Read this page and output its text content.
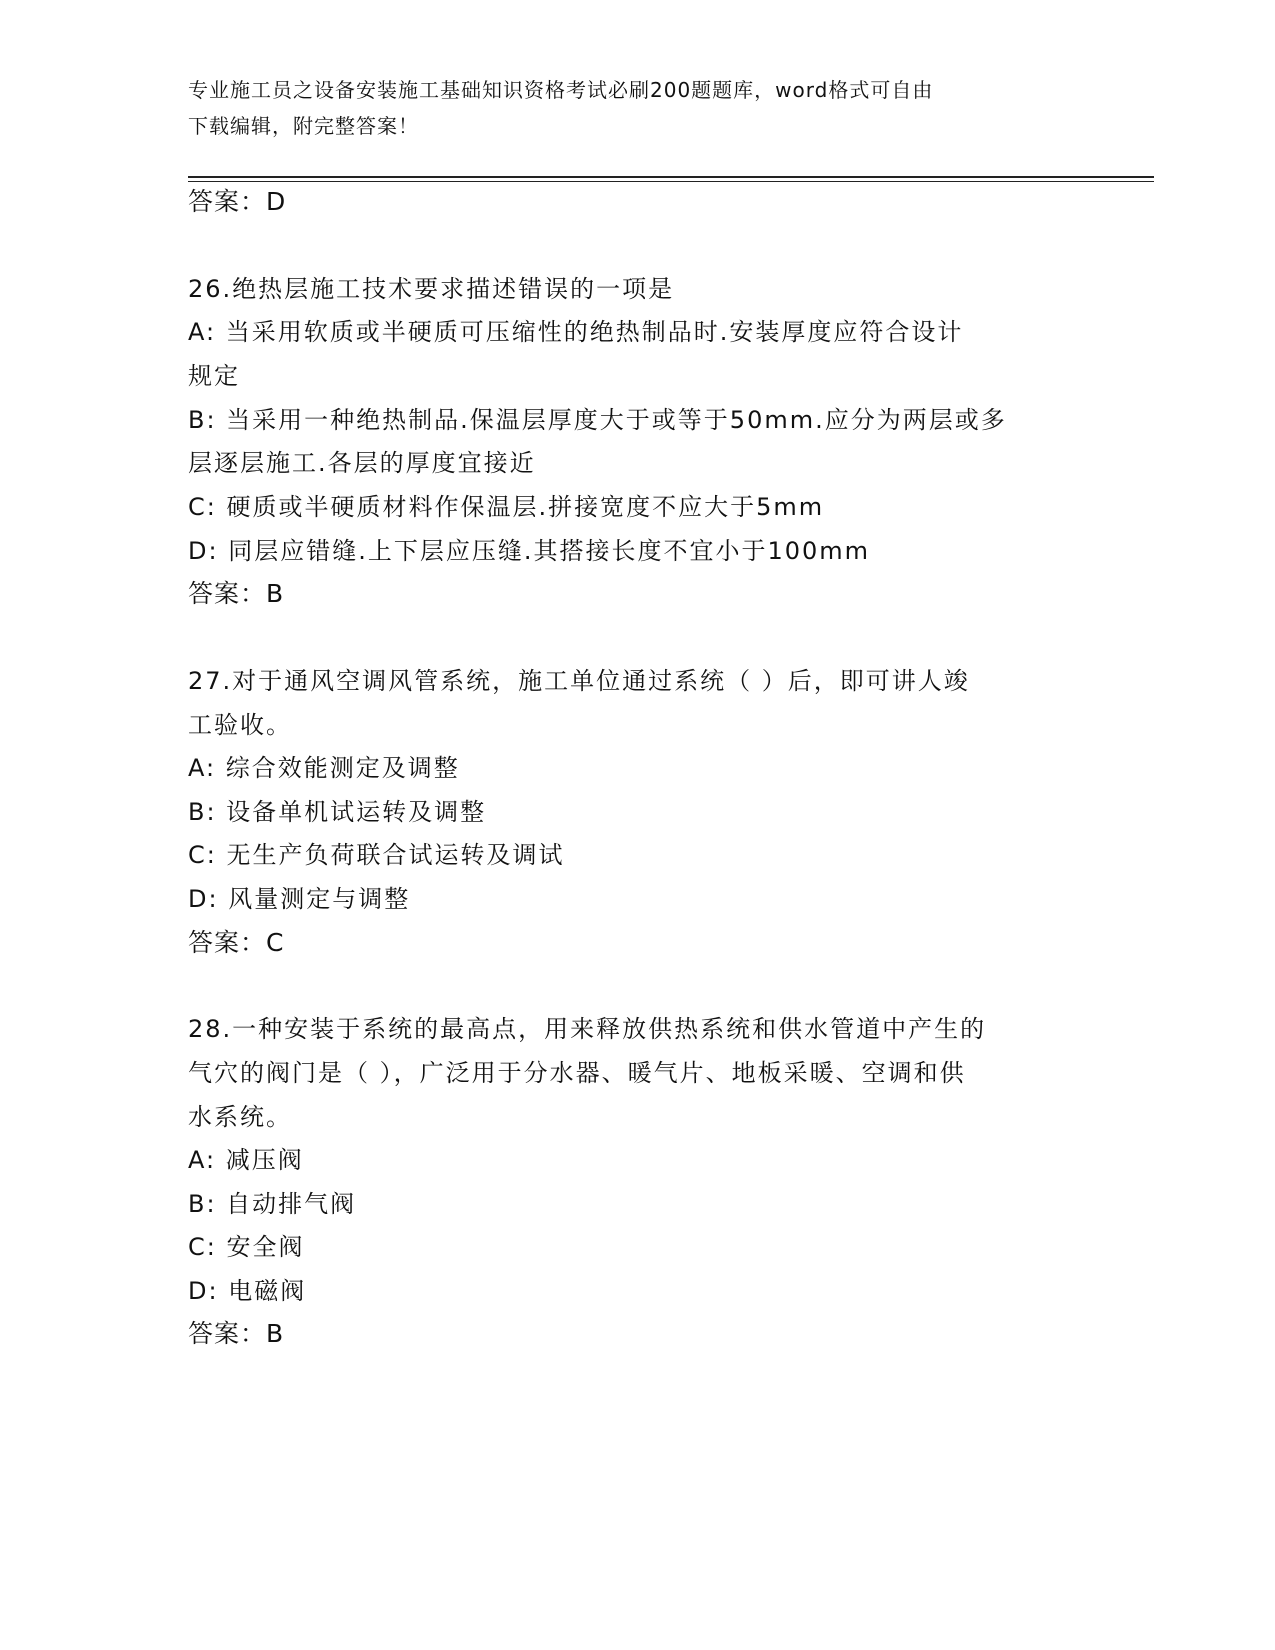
专业施工员之设备安装施工基础知识资格考试必刷200题题库，word格式可自由
下载编辑，附完整答案！
答案：D
26.绝热层施工技术要求描述错误的一项是
A: 当采用软质或半硬质可压缩性的绝热制品时.安装厚度应符合设计
规定
B: 当采用一种绝热制品.保温层厚度大于或等于50mm.应分为两层或多
层逐层施工.各层的厚度宜接近
C: 硬质或半硬质材料作保温层.拼接宽度不应大于5mm
D: 同层应错缝.上下层应压缝.其搭接长度不宜小于100mm
答案：B
27.对于通风空调风管系统，施工单位通过系统（ ）后，即可讲人竣
工验收。
A: 综合效能测定及调整
B: 设备单机试运转及调整
C: 无生产负荷联合试运转及调试
D: 风量测定与调整
答案：C
28.一种安装于系统的最高点，用来释放供热系统和供水管道中产生的
气穴的阀门是（ ），广泛用于分水器、暖气片、地板采暖、空调和供
水系统。
A: 减压阀
B: 自动排气阀
C: 安全阀
D: 电磁阀
答案：B
